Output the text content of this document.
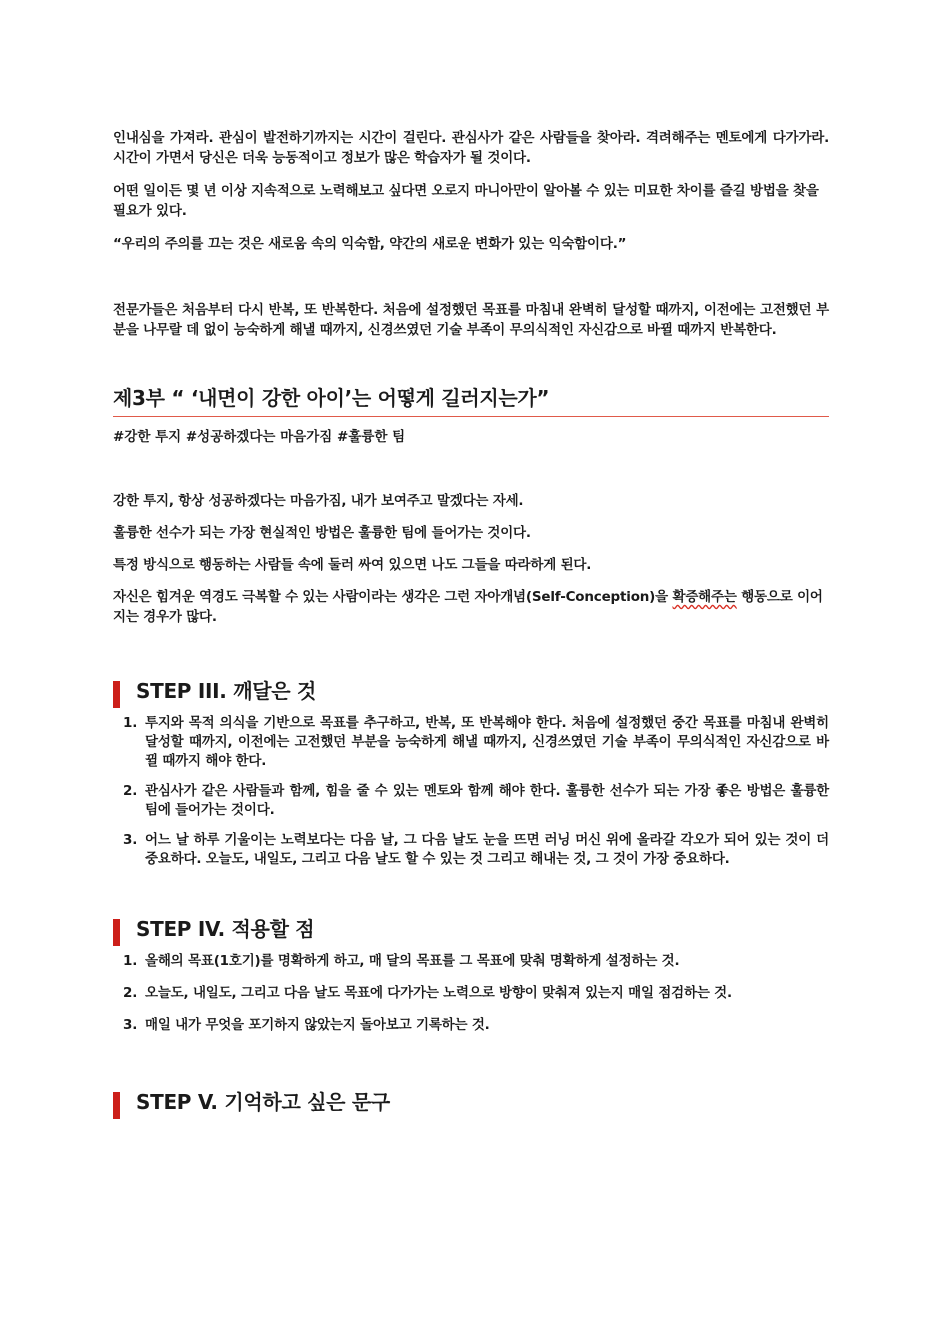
인내심을 가져라. 관심이 발전하기까지는 시간이 걸린다. 관심사가 같은 사람들을 찾아라. 격려해주는 멘토에게 다가가라. 시간이 가면서 당신은 더욱 능동적이고 정보가 많은 학습자가 될 것이다.

어떤 일이든 몇 년 이상 지속적으로 노력해보고 싶다면 오로지 마니아만이 알아볼 수 있는 미묘한 차이를 즐길 방법을 찾을 필요가 있다.

“우리의 주의를 끄는 것은 새로움 속의 익숙함, 약간의 새로운 변화가 있는 익숙함이다.”

전문가들은 처음부터 다시 반복, 또 반복한다. 처음에 설정했던 목표를 마침내 완벽히 달성할 때까지, 이전에는 고전했던 부분을 나무랄 데 없이 능숙하게 해낼 때까지, 신경쓰였던 기술 부족이 무의식적인 자신감으로 바뀔 때까지 반복한다.

제3부 “ ‘내면이 강한 아이’는 어떻게 길러지는가”

#강한 투지 #성공하겠다는 마음가짐 #훌륭한 팀

강한 투지, 항상 성공하겠다는 마음가짐, 내가 보여주고 말겠다는 자세.

훌륭한 선수가 되는 가장 현실적인 방법은 훌륭한 팀에 들어가는 것이다.

특정 방식으로 행동하는 사람들 속에 둘러 싸여 있으면 나도 그들을 따라하게 된다.

자신은 힘겨운 역경도 극복할 수 있는 사람이라는 생각은 그런 자아개념(Self-Conception)을 확증해주는 행동으로 이어지는 경우가 많다.

STEP III. 깨달은 것
1. 투지와 목적 의식을 기반으로 목표를 추구하고, 반복, 또 반복해야 한다. 처음에 설정했던 중간 목표를 마침내 완벽히 달성할 때까지, 이전에는 고전했던 부분을 능숙하게 해낼 때까지, 신경쓰였던 기술 부족이 무의식적인 자신감으로 바뀔 때까지 해야 한다.
2. 관심사가 같은 사람들과 함께, 힘을 줄 수 있는 멘토와 함께 해야 한다. 훌륭한 선수가 되는 가장 좋은 방법은 훌륭한 팀에 들어가는 것이다.
3. 어느 날 하루 기울이는 노력보다는 다음 날, 그 다음 날도 눈을 뜨면 러닝 머신 위에 올라갈 각오가 되어 있는 것이 더 중요하다. 오늘도, 내일도, 그리고 다음 날도 할 수 있는 것 그리고 해내는 것, 그 것이 가장 중요하다.
STEP IV. 적용할 점
1. 올해의 목표(1호기)를 명확하게 하고, 매 달의 목표를 그 목표에 맞춰 명확하게 설정하는 것.
2. 오늘도, 내일도, 그리고 다음 날도 목표에 다가가는 노력으로 방향이 맞춰져 있는지 매일 점검하는 것.
3. 매일 내가 무엇을 포기하지 않았는지 돌아보고 기록하는 것.
STEP V. 기억하고 싶은 문구
